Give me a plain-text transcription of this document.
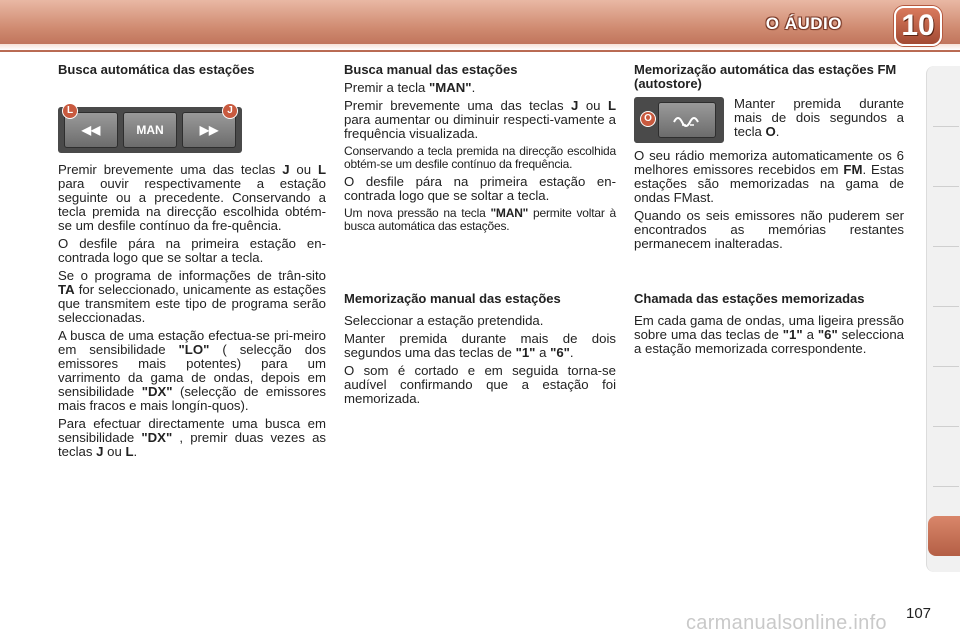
O ÁUDIO 10
Busca automática das estações
L
◀◀	MAN	▶▶
J

Premir brevemente uma das teclas J ou L para ouvir respectivamente a estação seguinte ou a precedente. Conservando a tecla premida na direcção escolhida obtém-se um desfile contínuo da fre-quência.

O desfile pára na primeira estação en-contrada logo que se soltar a tecla.

Se o programa de informações de trân-sito TA for seleccionado, unicamente as estações que transmitem este tipo de programa serão seleccionadas.

A busca de uma estação efectua-se pri-meiro em sensibilidade "LO" ( selecção dos emissores mais potentes) para um varrimento da gama de ondas, depois em sensibilidade "DX" (selecção de emissores mais fracos e mais longín-quos).

Para efectuar directamente uma busca em sensibilidade "DX" , premir duas vezes as teclas J ou L.

Busca manual das estações

Premir a tecla "MAN".

Premir brevemente uma das teclas J ou L para aumentar ou diminuir respecti-vamente a frequência visualizada.

Conservando a tecla premida na direcção escolhida obtém-se um desfile contínuo da frequência.

O desfile pára na primeira estação en-contrada logo que se soltar a tecla.

Um nova pressão na tecla "MAN" permite voltar à busca automática das estações.

Memorização manual das estações

Seleccionar a estação pretendida.

Manter premida durante mais de dois segundos uma das teclas de "1" a "6".

O som é cortado e em seguida torna-se audível confirmando que a estação foi memorizada.

Memorização automática das estações FM (autostore)
O

Manter premida durante mais de dois segundos a tecla O.

O seu rádio memoriza automaticamente os 6 melhores emissores recebidos em FM. Estas estações são memorizadas na gama de ondas FMast.

Quando os seis emissores não puderem ser encontrados as memórias restantes permanecem inalteradas.

Chamada das estações memorizadas

Em cada gama de ondas, uma ligeira pressão sobre uma das teclas de "1" a "6" selecciona a estação memorizada correspondente.

carmanualsonline.info 107
